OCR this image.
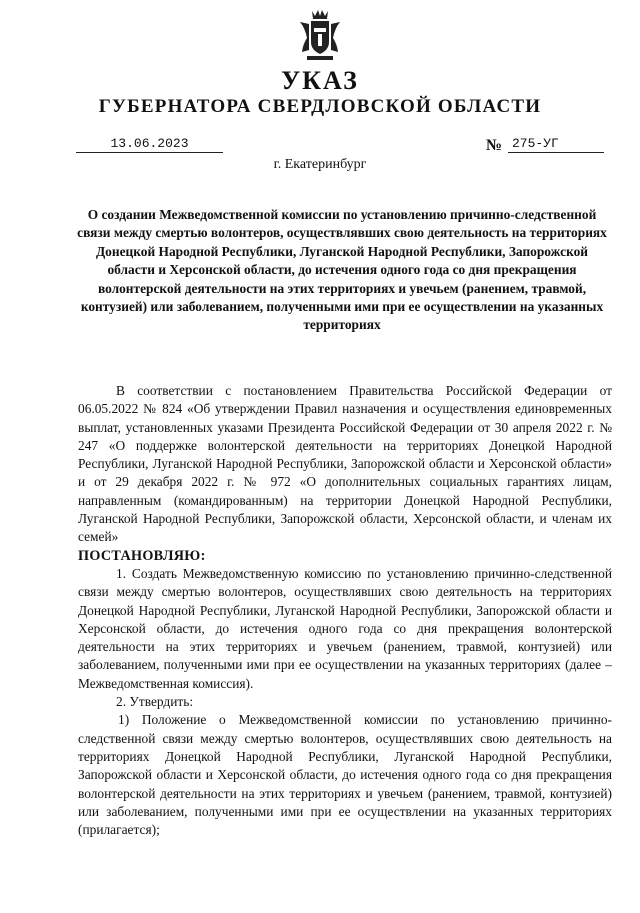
УКАЗ
ГУБЕРНАТОРА СВЕРДЛОВСКОЙ ОБЛАСТИ
13.06.2023	№ 275-УГ
г. Екатеринбург
О создании Межведомственной комиссии по установлению причинно-следственной связи между смертью волонтеров, осуществлявших свою деятельность на территориях Донецкой Народной Республики, Луганской Народной Республики, Запорожской области и Херсонской области, до истечения одного года со дня прекращения волонтерской деятельности на этих территориях и увечьем (ранением, травмой, контузией) или заболеванием, полученными ими при ее осуществлении на указанных территориях

В соответствии с постановлением Правительства Российской Федерации от 06.05.2022 № 824 «Об утверждении Правил назначения и осуществления единовременных выплат, установленных указами Президента Российской Федерации от 30 апреля 2022 г. № 247 «О поддержке волонтерской деятельности на территориях Донецкой Народной Республики, Луганской Народной Республики, Запорожской области и Херсонской области» и от 29 декабря 2022 г. № 972 «О дополнительных социальных гарантиях лицам, направленным (командированным) на территории Донецкой Народной Республики, Луганской Народной Республики, Запорожской области, Херсонской области, и членам их семей»

ПОСТАНОВЛЯЮ:

1. Создать Межведомственную комиссию по установлению причинно-следственной связи между смертью волонтеров, осуществлявших свою деятельность на территориях Донецкой Народной Республики, Луганской Народной Республики, Запорожской области и Херсонской области, до истечения одного года со дня прекращения волонтерской деятельности на этих территориях и увечьем (ранением, травмой, контузией) или заболеванием, полученными ими при ее осуществлении на указанных территориях (далее – Межведомственная комиссия).

2. Утвердить:

1) Положение о Межведомственной комиссии по установлению причинно-следственной связи между смертью волонтеров, осуществлявших свою деятельность на территориях Донецкой Народной Республики, Луганской Народной Республики, Запорожской области и Херсонской области, до истечения одного года со дня прекращения волонтерской деятельности на этих территориях и увечьем (ранением, травмой, контузией) или заболеванием, полученными ими при ее осуществлении на указанных территориях (прилагается);
